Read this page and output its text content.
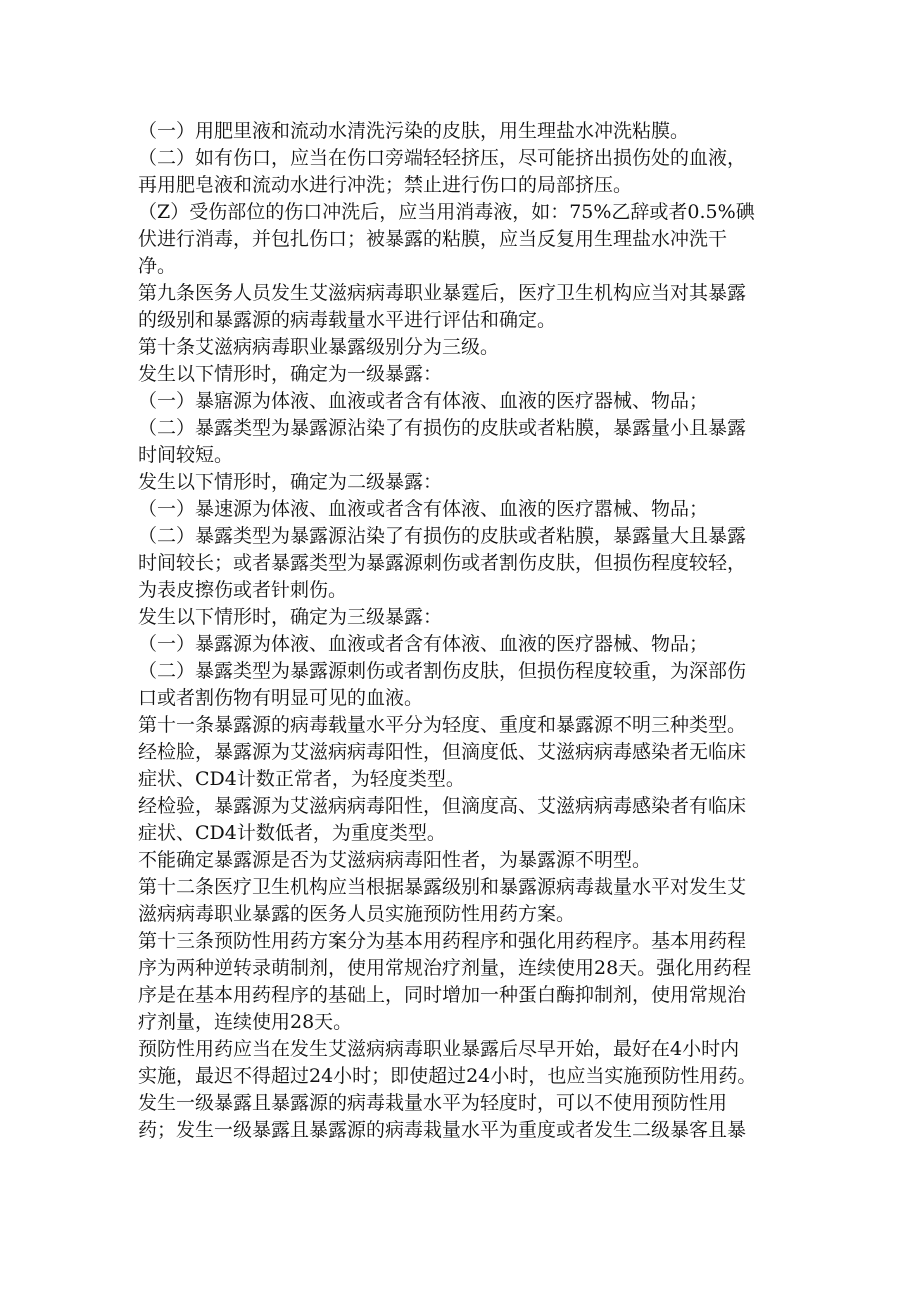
（一）用肥里液和流动水清洗污染的皮肤，用生理盐水冲洗粘膜。
（二）如有伤口，应当在伤口旁端轻轻挤压，尽可能挤出损伤处的血液，
再用肥皂液和流动水进行冲洗；禁止进行伤口的局部挤压。
（Z）受伤部位的伤口冲洗后，应当用消毒液，如：75%乙辞或者0.5%碘
伏进行消毒，并包扎伤口；被暴露的粘膜，应当反复用生理盐水冲洗干
净。
第九条医务人员发生艾滋病病毒职业暴霆后，医疗卫生机构应当对其暴露
的级别和暴露源的病毒载量水平进行评估和确定。
第十条艾滋病病毒职业暴露级别分为三级。
发生以下情形时，确定为一级暴露：
（一）暴寤源为体液、血液或者含有体液、血液的医疗器械、物品；
（二）暴露类型为暴露源沾染了有损伤的皮肤或者粘膜，暴露量小且暴露
时间较短。
发生以下情形时，确定为二级暴露：
（一）暴速源为体液、血液或者含有体液、血液的医疗嚣械、物品；
（二）暴露类型为暴露源沾染了有损伤的皮肤或者粘膜，暴露量大且暴露
时间较长；或者暴露类型为暴露源刺伤或者割伤皮肤，但损伤程度较轻，
为表皮擦伤或者针刺伤。
发生以下情形时，确定为三级暴露：
（一）暴露源为体液、血液或者含有体液、血液的医疗器械、物品；
（二）暴露类型为暴露源刺伤或者割伤皮肤，但损伤程度较重，为深部伤
口或者割伤物有明显可见的血液。
第十一条暴露源的病毒载量水平分为轻度、重度和暴露源不明三种类型。
经检脸，暴露源为艾滋病病毒阳性，但滴度低、艾滋病病毒感染者无临床
症状、CD4计数正常者，为轻度类型。
经检验，暴露源为艾滋病病毒阳性，但滴度高、艾滋病病毒感染者有临床
症状、CD4计数低者，为重度类型。
不能确定暴露源是否为艾滋病病毒阳性者，为暴露源不明型。
第十二条医疗卫生机构应当根据暴露级别和暴露源病毒裁量水平对发生艾
滋病病毒职业暴露的医务人员实施预防性用药方案。
第十三条预防性用药方案分为基本用药程序和强化用药程序。基本用药程
序为两种逆转录萌制剂，使用常规治疗剂量，连续使用28天。强化用药程
序是在基本用药程序的基础上，同时增加一种蛋白酶抑制剂，使用常规治
疗剂量，连续使用28天。
预防性用药应当在发生艾滋病病毒职业暴露后尽早开始，最好在4小时内
实施，最迟不得超过24小时；即使超过24小时，也应当实施预防性用药。
发生一级暴露且暴露源的病毒栽量水平为轻度时，可以不使用预防性用
药；发生一级暴露且暴露源的病毒栽量水平为重度或者发生二级暴客且暴
